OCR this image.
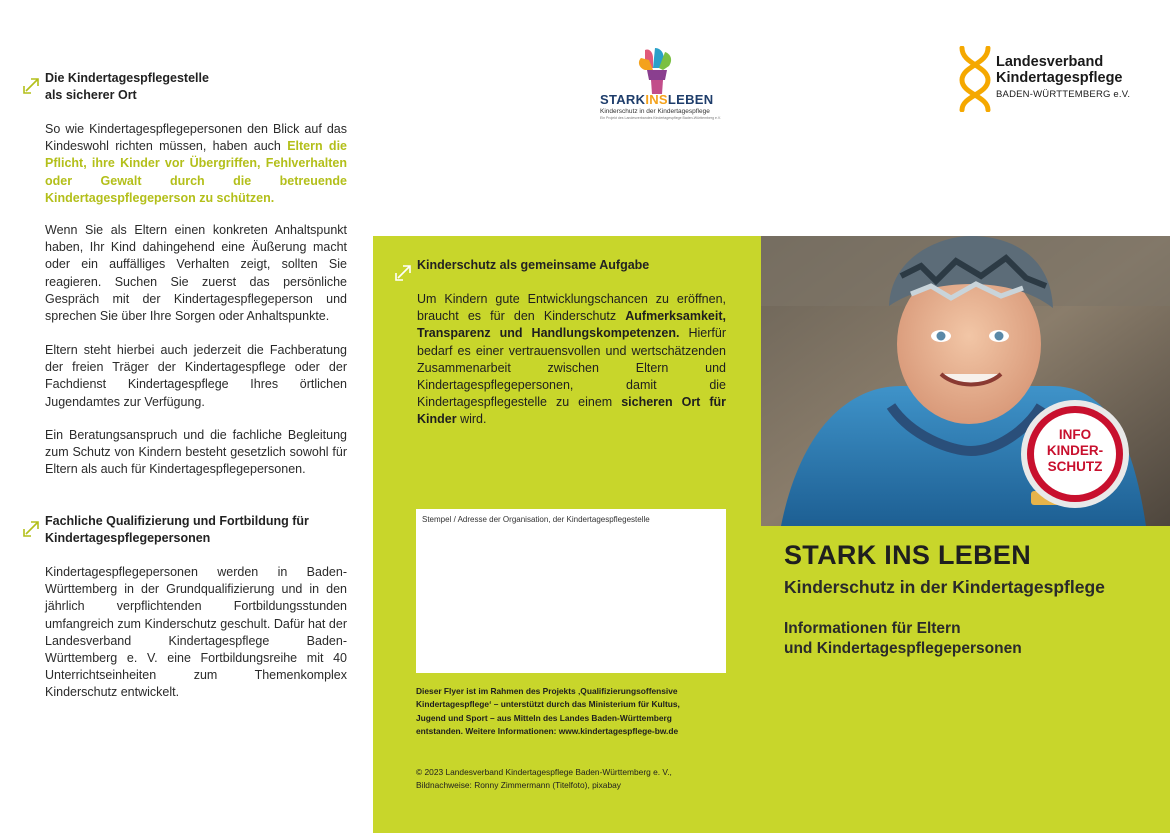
Die Kindertagespflegestelle
als sicherer Ort

So wie Kindertagespflegepersonen den Blick auf das Kindeswohl richten müssen, haben auch Eltern die Pflicht, ihre Kinder vor Übergriffen, Fehlverhalten oder Gewalt durch die betreuende Kindertagespflegeperson zu schützen.

Wenn Sie als Eltern einen konkreten Anhaltspunkt haben, Ihr Kind dahingehend eine Äußerung macht oder ein auffälliges Verhalten zeigt, sollten Sie reagieren. Suchen Sie zuerst das persönliche Gespräch mit der Kindertagespflegeperson und sprechen Sie über Ihre Sorgen oder Anhaltspunkte.

Eltern steht hierbei auch jederzeit die Fachberatung der freien Träger der Kindertagespflege oder der Fachdienst Kindertagespflege Ihres örtlichen Jugendamtes zur Verfügung.

Ein Beratungsanspruch und die fachliche Begleitung zum Schutz von Kindern besteht gesetzlich sowohl für Eltern als auch für Kindertagespflegepersonen.

Fachliche Qualifizierung und Fortbildung für
Kindertagespflegepersonen

Kindertagespflegepersonen werden in Baden-Württemberg in der Grundqualifizierung und in den jährlich verpflichtenden Fortbildungsstunden umfangreich zum Kinderschutz geschult. Dafür hat der Landesverband Kindertagespflege Baden-Württemberg e. V. eine Fortbildungsreihe mit 40 Unterrichtseinheiten zum Themenkomplex Kinderschutz entwickelt.

STARKINSLEBEN
Kinderschutz in der Kindertagespflege
Ein Projekt des Landesverbandes Kindertagespflege Baden-Württemberg e.V.
Landesverband
Kindertagespflege
BADEN-WÜRTTEMBERG e.V.
Kinderschutz als gemeinsame Aufgabe

Um Kindern gute Entwicklungschancen zu eröffnen, braucht es für den Kinderschutz Aufmerksamkeit, Transparenz und Handlungskompetenzen. Hierfür bedarf es einer vertrauensvollen und wertschätzenden Zusammenarbeit zwischen Eltern und Kindertagespflegepersonen, damit die Kindertagespflegestelle zu einem sicheren Ort für Kinder wird.

Stempel / Adresse der Organisation, der Kindertagespflegestelle
Dieser Flyer ist im Rahmen des Projekts ‚Qualifizierungsoffensive
Kindertagespflege‘ – unterstützt durch das Ministerium für Kultus,
Jugend und Sport – aus Mitteln des Landes Baden-Württemberg
entstanden. Weitere Informationen: www.kindertagespflege-bw.de
© 2023 Landesverband Kindertagespflege Baden-Württemberg e. V.,
Bildnachweise: Ronny Zimmermann (Titelfoto), pixabay
INFO
KINDER-
SCHUTZ
STARK INS LEBEN
Kinderschutz in der Kindertagespflege
Informationen für Eltern
und Kindertagespflegepersonen
